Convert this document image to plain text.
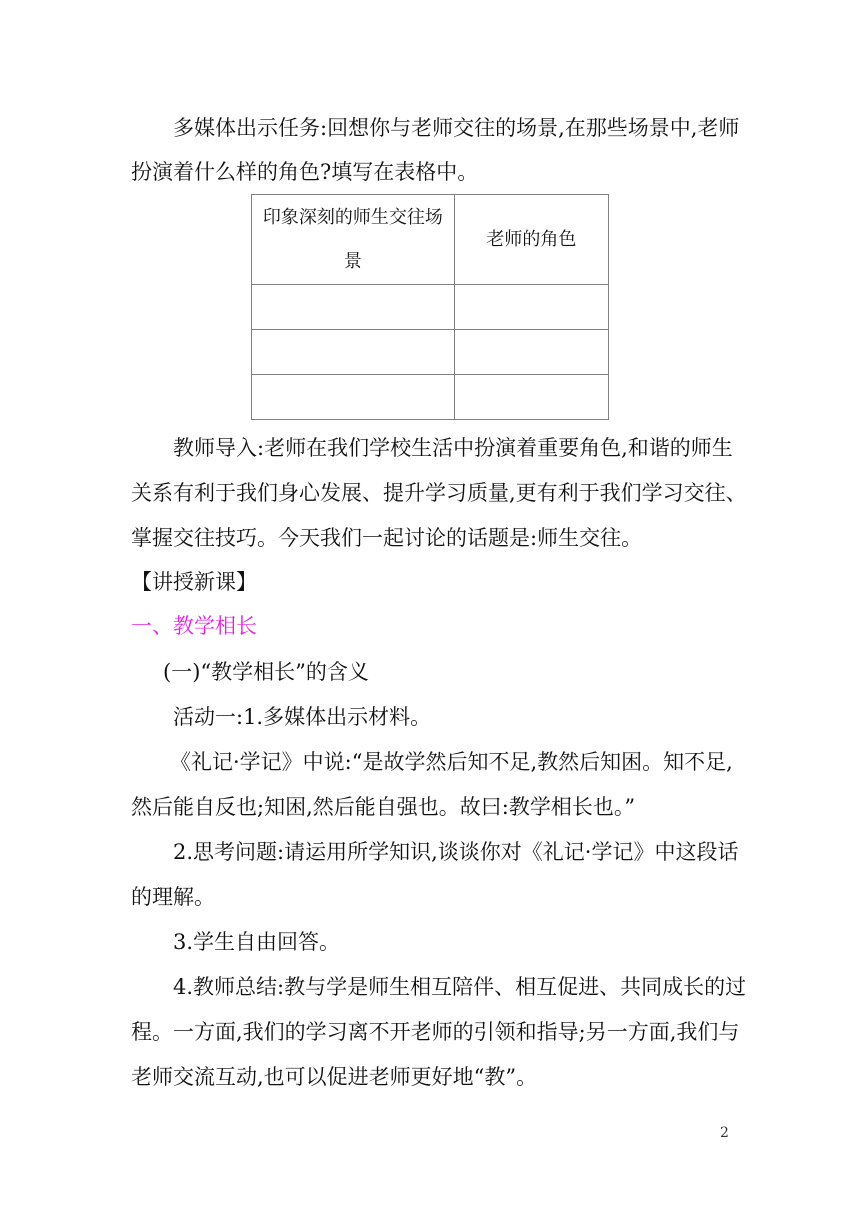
多媒体出示任务:回想你与老师交往的场景,在那些场景中,老师
扮演着什么样的角色?填写在表格中。
印象深刻的师生交往场
景	老师的角色

教师导入:老师在我们学校生活中扮演着重要角色,和谐的师生
关系有利于我们身心发展、提升学习质量,更有利于我们学习交往、
掌握交往技巧。今天我们一起讨论的话题是:师生交往。
【讲授新课】
一、教学相长
(一)“教学相长”的含义
活动一:1.多媒体出示材料。
《礼记·学记》中说:“是故学然后知不足,教然后知困。知不足,
然后能自反也;知困,然后能自强也。故曰:教学相长也。”
2.思考问题:请运用所学知识,谈谈你对《礼记·学记》中这段话
的理解。
3.学生自由回答。
4.教师总结:教与学是师生相互陪伴、相互促进、共同成长的过
程。一方面,我们的学习离不开老师的引领和指导;另一方面,我们与
老师交流互动,也可以促进老师更好地“教”。
2
